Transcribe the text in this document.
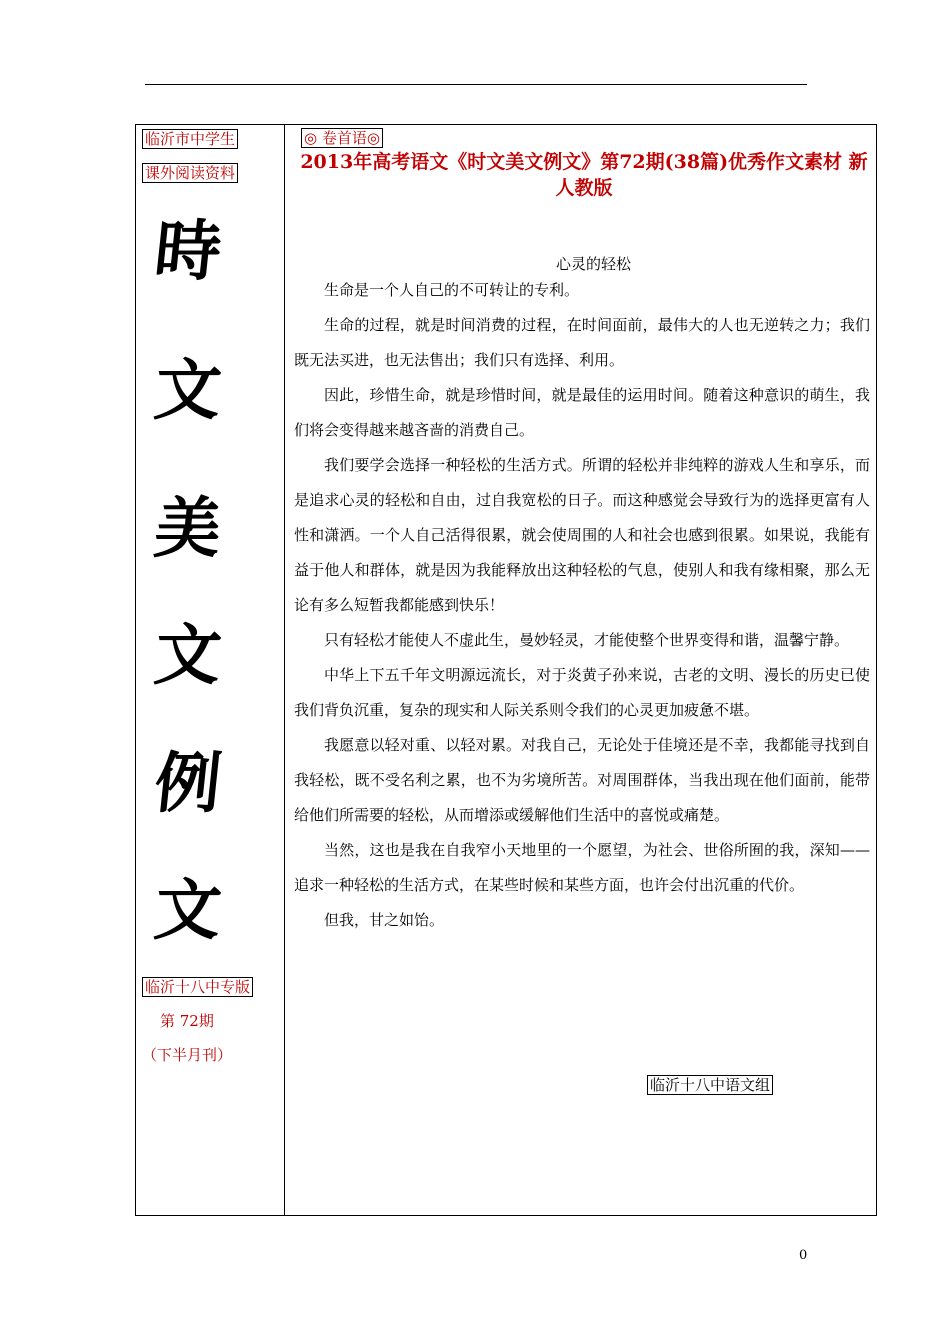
临沂市中学生
课外阅读资料
時
文
美
文
例
文
临沂十八中专版
第 72期
（下半月刊）
◎ 卷首语◎
2013年高考语文《时文美文例文》第72期(38篇)优秀作文素材 新人教版
心灵的轻松

生命是一个人自己的不可转让的专利。

生命的过程，就是时间消费的过程，在时间面前，最伟大的人也无逆转之力；我们既无法买进，也无法售出；我们只有选择、利用。

因此，珍惜生命，就是珍惜时间，就是最佳的运用时间。随着这种意识的萌生，我们将会变得越来越吝啬的消费自己。

我们要学会选择一种轻松的生活方式。所谓的轻松并非纯粹的游戏人生和享乐，而是追求心灵的轻松和自由，过自我宽松的日子。而这种感觉会导致行为的选择更富有人性和潇洒。一个人自己活得很累，就会使周围的人和社会也感到很累。如果说，我能有益于他人和群体，就是因为我能释放出这种轻松的气息，使别人和我有缘相聚，那么无论有多么短暂我都能感到快乐！

只有轻松才能使人不虚此生，曼妙轻灵，才能使整个世界变得和谐，温馨宁静。

中华上下五千年文明源远流长，对于炎黄子孙来说，古老的文明、漫长的历史已使我们背负沉重，复杂的现实和人际关系则令我们的心灵更加疲惫不堪。

我愿意以轻对重、以轻对累。对我自己，无论处于佳境还是不幸，我都能寻找到自我轻松，既不受名利之累，也不为劣境所苦。对周围群体，当我出现在他们面前，能带给他们所需要的轻松，从而增添或缓解他们生活中的喜悦或痛楚。

当然，这也是我在自我窄小天地里的一个愿望，为社会、世俗所囿的我，深知——追求一种轻松的生活方式，在某些时候和某些方面，也许会付出沉重的代价。

但我，甘之如饴。

临沂十八中语文组
0
